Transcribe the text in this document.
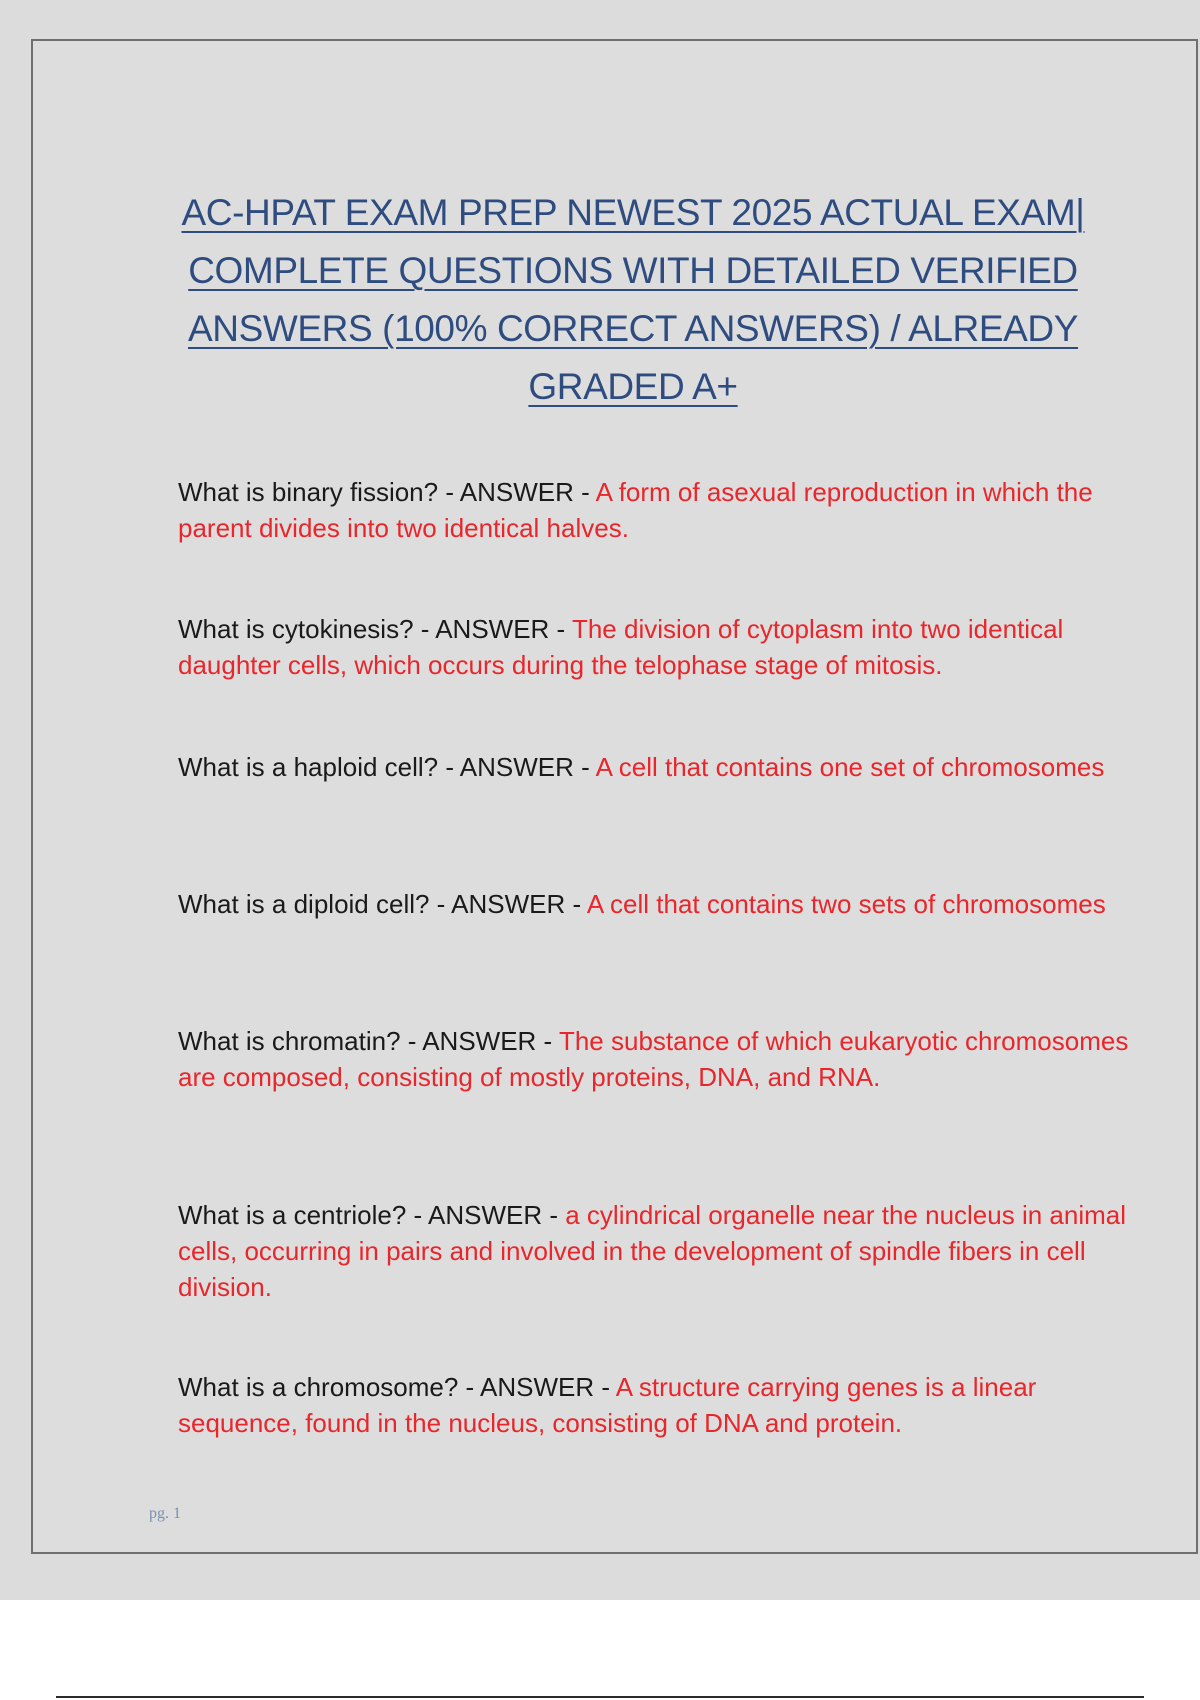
AC-HPAT EXAM PREP NEWEST 2025 ACTUAL EXAM|
COMPLETE QUESTIONS WITH DETAILED VERIFIED
ANSWERS (100% CORRECT ANSWERS) / ALREADY
GRADED A+

What is binary fission? - ANSWER - A form of asexual reproduction in which the parent divides into two identical halves.

What is cytokinesis? - ANSWER - The division of cytoplasm into two identical daughter cells, which occurs during the telophase stage of mitosis.

What is a haploid cell? - ANSWER - A cell that contains one set of chromosomes

What is a diploid cell? - ANSWER - A cell that contains two sets of chromosomes

What is chromatin? - ANSWER - The substance of which eukaryotic chromosomes are composed, consisting of mostly proteins, DNA, and RNA.

What is a centriole? - ANSWER - a cylindrical organelle near the nucleus in animal cells, occurring in pairs and involved in the development of spindle fibers in cell division.

What is a chromosome? - ANSWER - A structure carrying genes is a linear sequence, found in the nucleus, consisting of DNA and protein.

pg. 1
